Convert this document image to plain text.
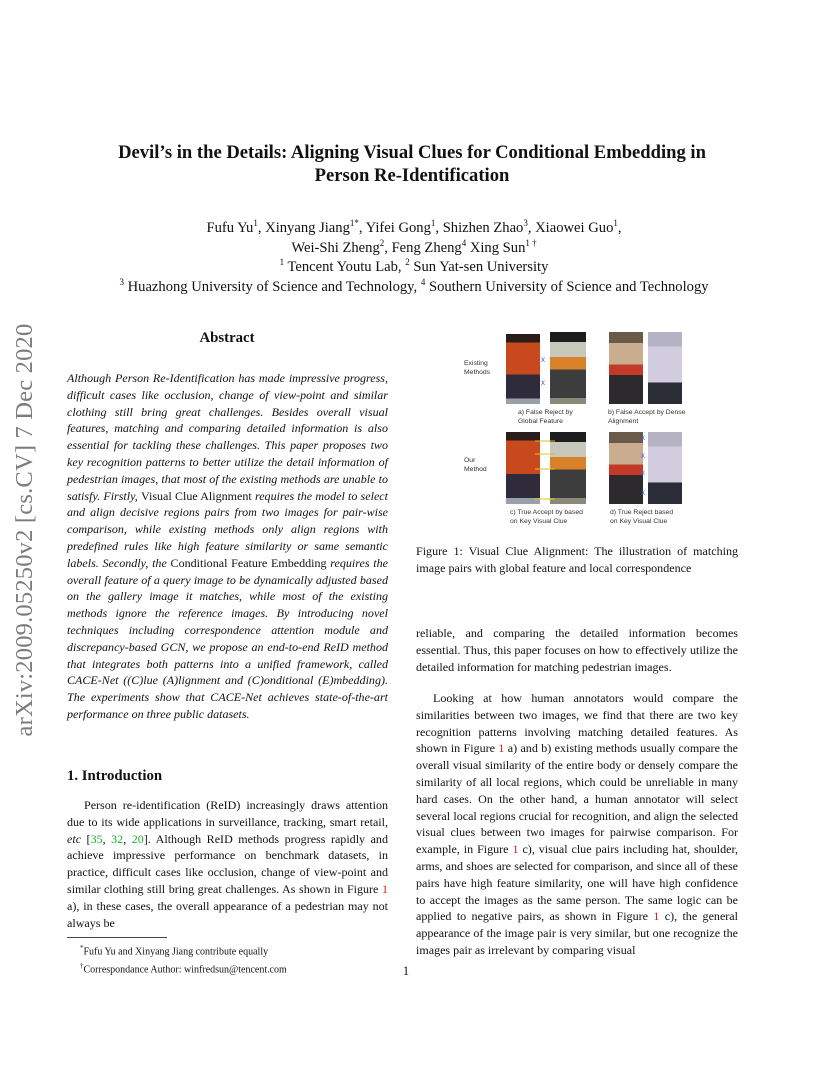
arXiv:2009.05250v2 [cs.CV] 7 Dec 2020
Devil’s in the Details: Aligning Visual Clues for Conditional Embedding in
Person Re-Identification
Fufu Yu$^1$, Xinyang Jiang$^{1*}$, Yifei Gong$^1$, Shizhen Zhao$^3$, Xiaowei Guo$^1$,
Wei-Shi Zheng$^2$, Feng Zheng$^4$ Xing Sun$^{1 \dagger}$
$^1$ Tencent Youtu Lab, $^2$ Sun Yat-sen University
$^3$ Huazhong University of Science and Technology, $^4$ Southern University of Science and Technology
Abstract
Although Person Re-Identification has made impressive progress, difficult cases like occlusion, change of view-point and similar clothing still bring great challenges. Besides overall visual features, matching and comparing detailed information is also essential for tackling these challenges. This paper proposes two key recognition patterns to better utilize the detail information of pedestrian images, that most of the existing methods are unable to satisfy. Firstly, Visual Clue Alignment requires the model to select and align decisive regions pairs from two images for pair-wise comparison, while existing methods only align regions with predefined rules like high feature similarity or same semantic labels. Secondly, the Conditional Feature Embedding requires the overall feature of a query image to be dynamically adjusted based on the gallery image it matches, while most of the existing methods ignore the reference images. By introducing novel techniques including correspondence attention module and discrepancy-based GCN, we propose an end-to-end ReID method that integrates both patterns into a unified framework, called CACE-Net ((C)lue (A)lignment and (C)onditional (E)mbedding). The experiments show that CACE-Net achieves state-of-the-art performance on three public datasets.
1. Introduction
Person re-identification (ReID) increasingly draws attention due to its wide applications in surveillance, tracking, smart retail, etc [35, 32, 20]. Although ReID methods progress rapidly and achieve impressive performance on benchmark datasets, in practice, difficult cases like occlusion, change of view-point and similar clothing still bring great challenges. As shown in Figure 1 a), in these cases, the overall appearance of a pedestrian may not always be
*Fufu Yu and Xinyang Jiang contribute equally
†Correspondance Author: winfredsun@tencent.com
Existing
Methods
Our
Method
x
x
a) False Reject by
Global Feature
b) False Accept by Dense
Alignment
x
x
x
x
c) True Accept by based
on Key Visual Clue
d) True Reject based
on Key Visual Clue
Figure 1: Visual Clue Alignment: The illustration of matching image pairs with global feature and local correspondence
reliable, and comparing the detailed information becomes essential. Thus, this paper focuses on how to effectively utilize the detailed information for matching pedestrian images.
Looking at how human annotators would compare the similarities between two images, we find that there are two key recognition patterns involving matching detailed features. As shown in Figure 1 a) and b) existing methods usually compare the overall visual similarity of the entire body or densely compare the similarity of all local regions, which could be unreliable in many hard cases. On the other hand, a human annotator will select several local regions crucial for recognition, and align the selected visual clues between two images for pairwise comparison. For example, in Figure 1 c), visual clue pairs including hat, shoulder, arms, and shoes are selected for comparison, and since all of these pairs have high feature similarity, one will have high confidence to accept the images as the same person. The same logic can be applied to negative pairs, as shown in Figure 1 c), the general appearance of the image pair is very similar, but one recognize the images pair as irrelevant by comparing visual
1
